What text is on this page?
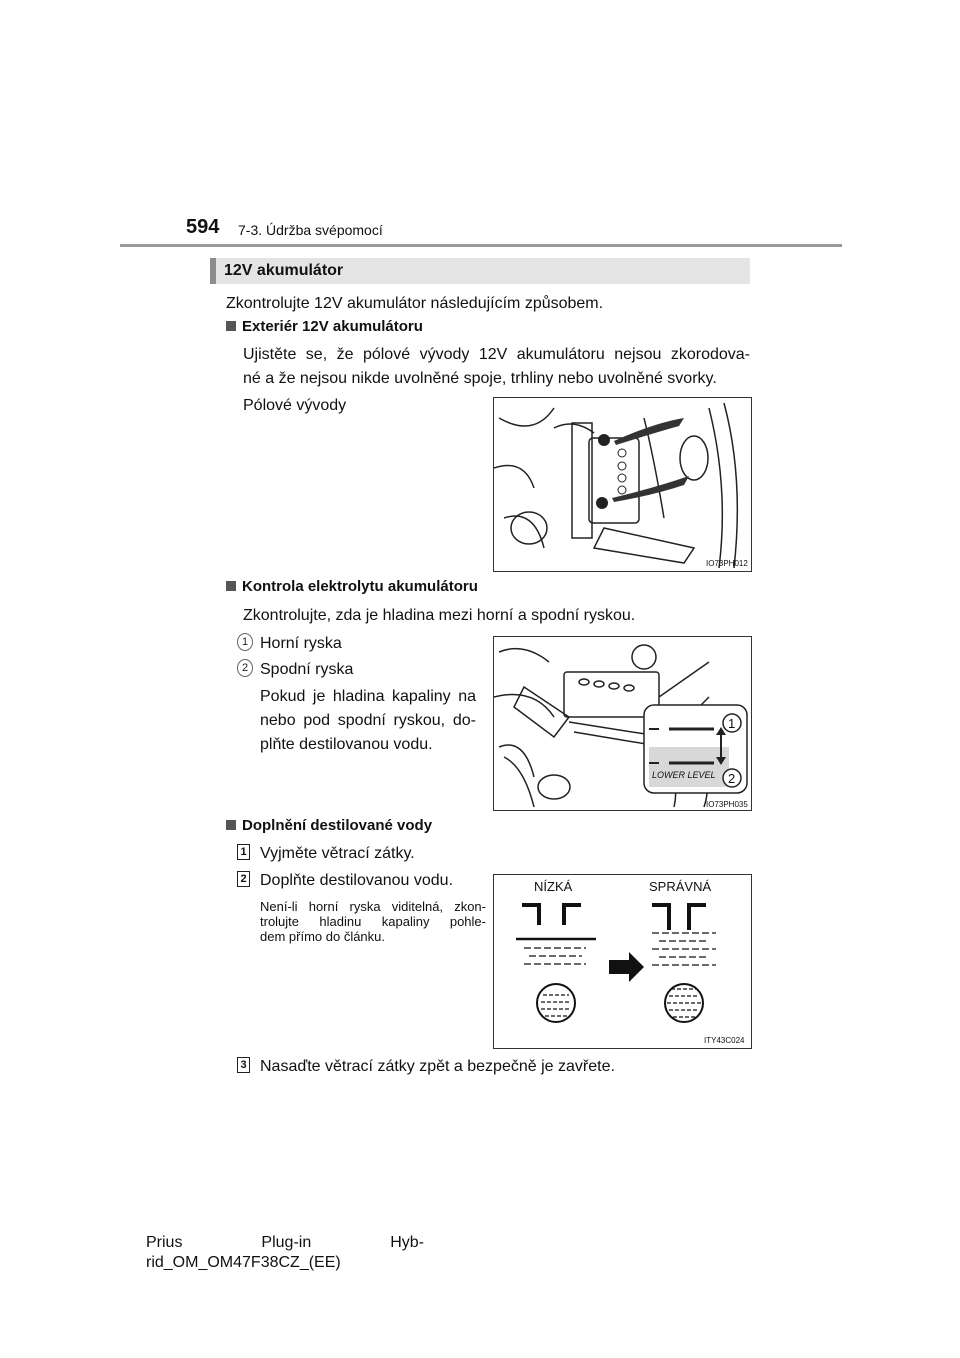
594 7-3. Údržba svépomocí
12V akumulátor
Zkontrolujte 12V akumulátor následujícím způsobem.
Exteriér 12V akumulátoru
Ujistěte se, že pólové vývody 12V akumulátoru nejsou zkorodova-
né a že nejsou nikde uvolněné spoje, trhliny nebo uvolněné svorky.
Pólové vývody
IO73PH012
Kontrola elektrolytu akumulátoru
Zkontrolujte, zda je hladina mezi horní a spodní ryskou.
1 Horní ryska
2 Spodní ryska
Pokud je hladina kapaliny na
nebo pod spodní ryskou, do-
plňte destilovanou vodu.
LOWER LEVEL
1
2
IO73PH035
Doplnění destilované vody
1 Vyjměte větrací zátky.
2 Doplňte destilovanou vodu.
Není-li horní ryska viditelná, zkon-
trolujte hladinu kapaliny pohle-
dem přímo do článku.
NÍZKÁ	SPRÁVNÁ
ITY43C024
3 Nasaďte větrací zátky zpět a bezpečně je zavřete.
Prius Plug-in Hyb-
rid_OM_OM47F38CZ_(EE)
